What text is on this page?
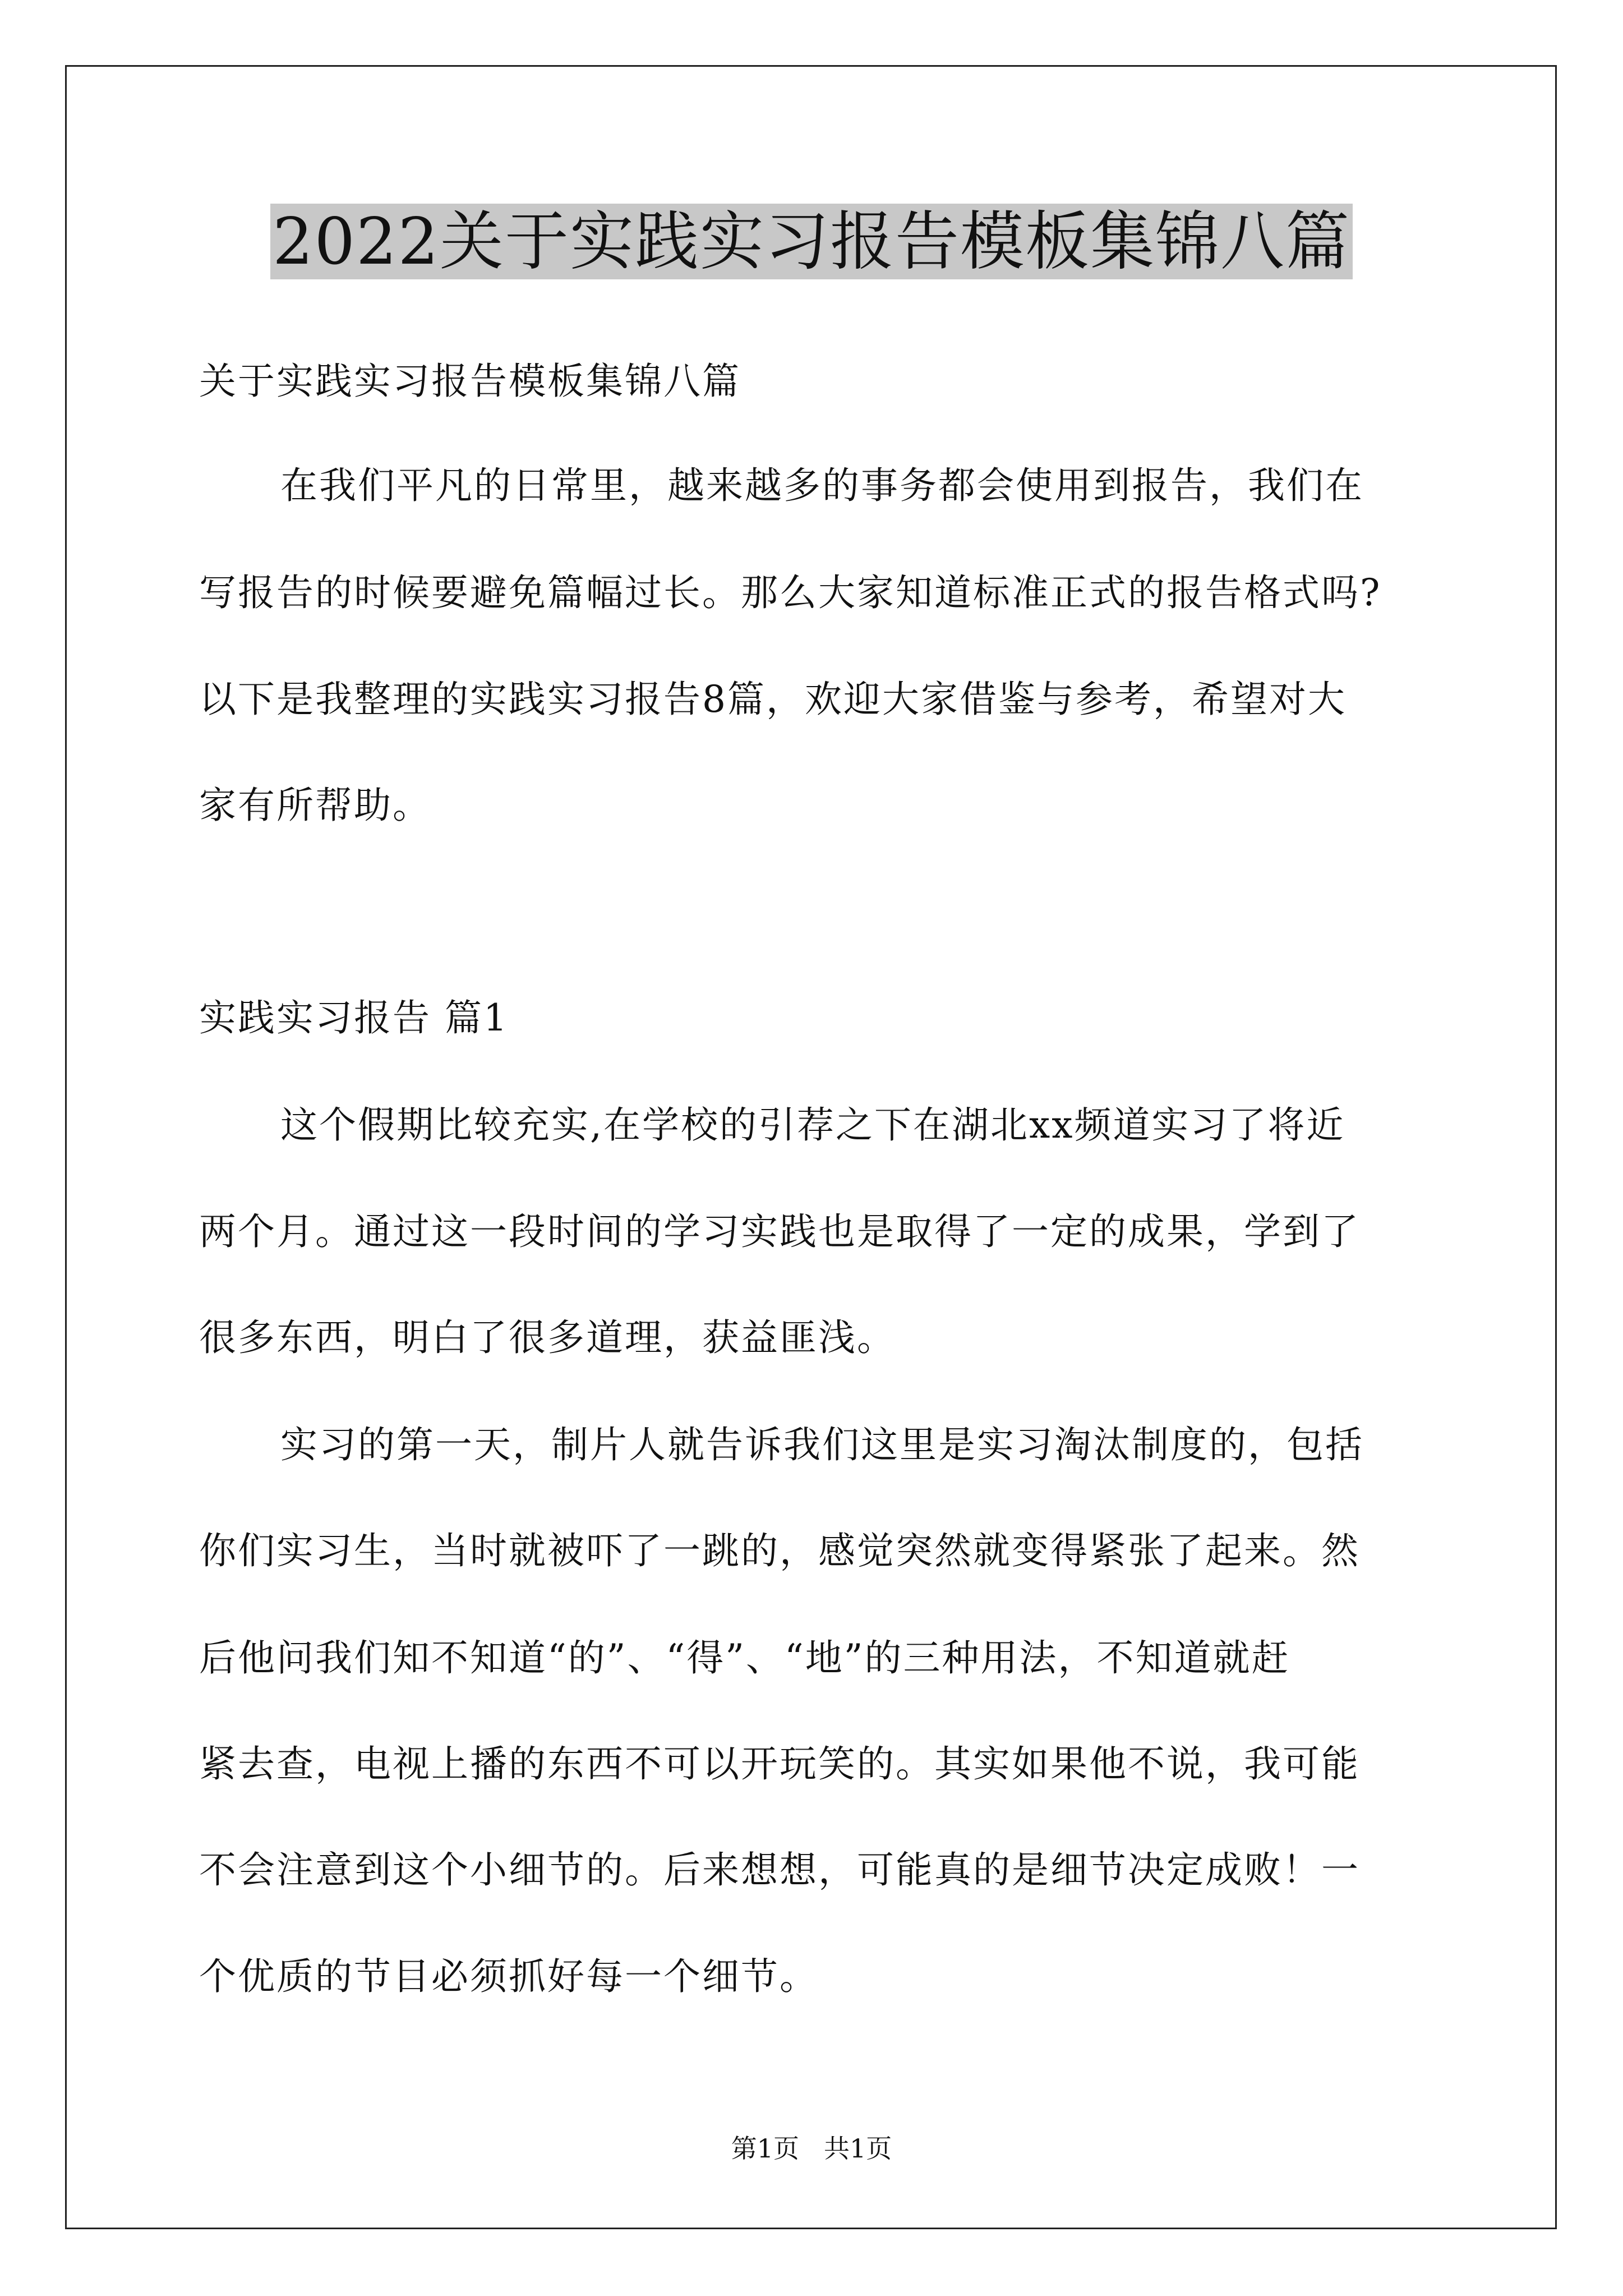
2022关于实践实习报告模板集锦八篇
关于实践实习报告模板集锦八篇
在我们平凡的日常里，越来越多的事务都会使用到报告，我们在
写报告的时候要避免篇幅过长。那么大家知道标准正式的报告格式吗?
以下是我整理的实践实习报告8篇，欢迎大家借鉴与参考，希望对大
家有所帮助。
实践实习报告 篇1
这个假期比较充实,在学校的引荐之下在湖北xx频道实习了将近
两个月。通过这一段时间的学习实践也是取得了一定的成果，学到了
很多东西，明白了很多道理，获益匪浅。
实习的第一天，制片人就告诉我们这里是实习淘汰制度的，包括
你们实习生，当时就被吓了一跳的，感觉突然就变得紧张了起来。然
后他问我们知不知道“的”、“得”、“地”的三种用法，不知道就赶
紧去查，电视上播的东西不可以开玩笑的。其实如果他不说，我可能
不会注意到这个小细节的。后来想想，可能真的是细节决定成败！一
个优质的节目必须抓好每一个细节。
第1页 共1页
